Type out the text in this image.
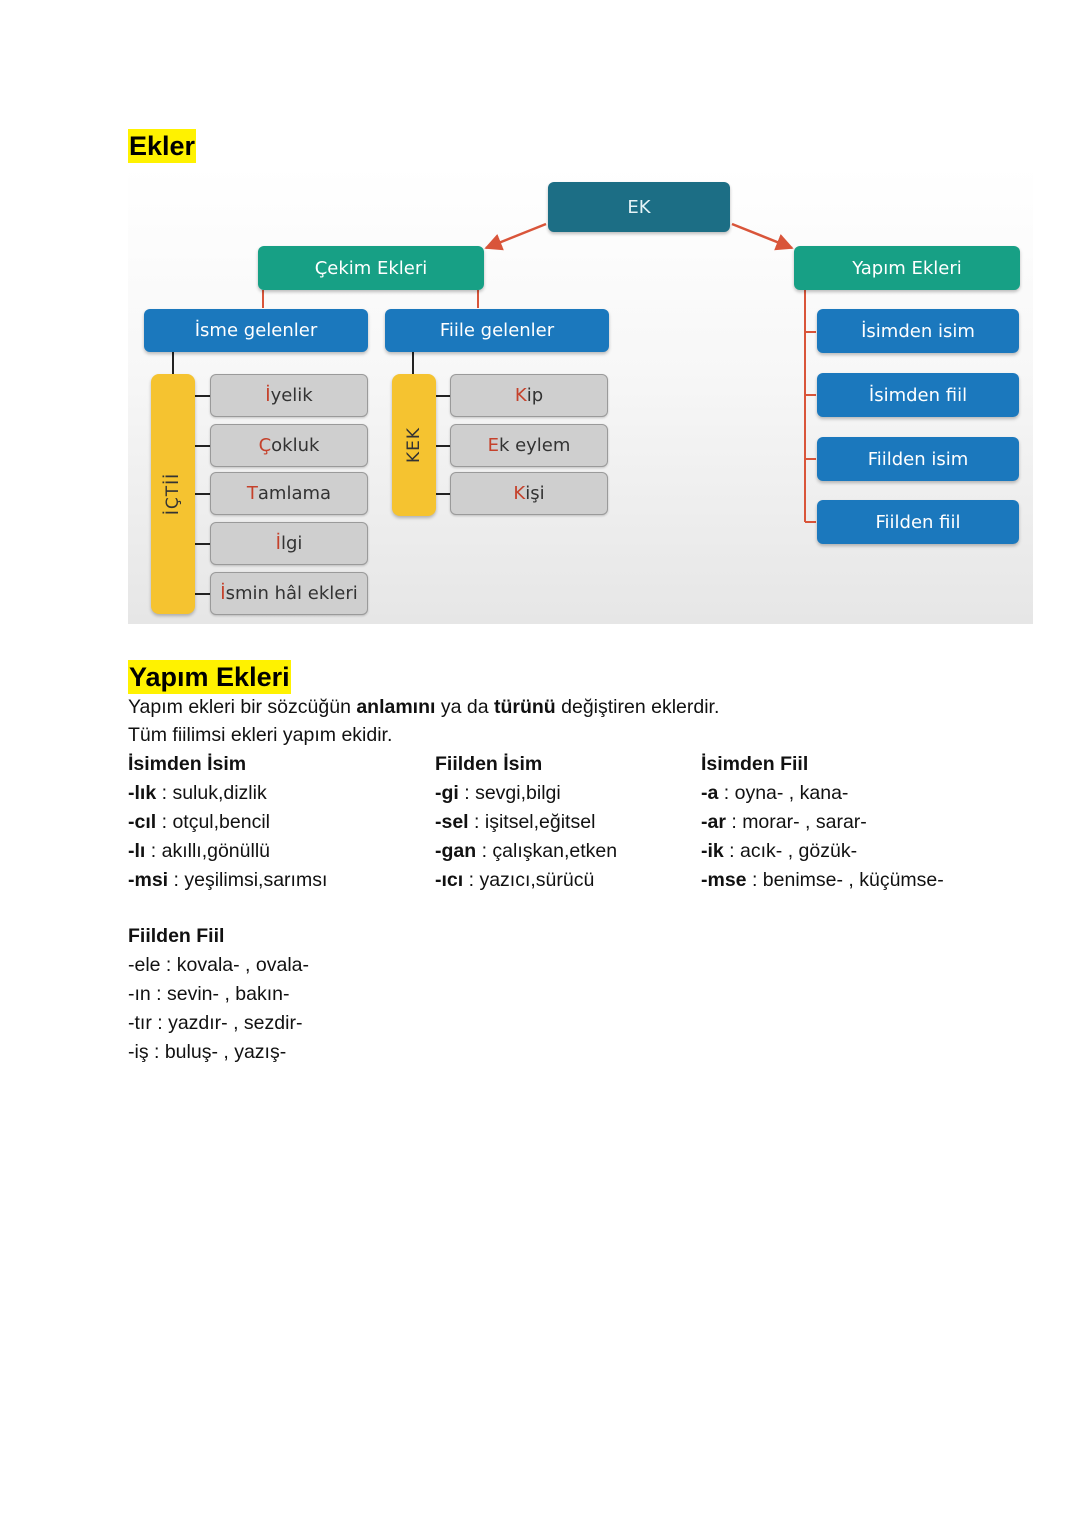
Ekler
EK
Çekim Ekleri	Yapım Ekleri
İsme gelenler	Fiile gelenler
İÇTİİ
KEK
İ yelik
Ç okluk
T amlama
İ lgi
İ smin hâl ekleri
K ip
E k eylem
K işi
İsimden isim
İsimden fiil
Fiilden isim
Fiilden fiil
Yapım Ekleri
Yapım ekleri bir sözcüğün anlamını ya da türünü değiştiren eklerdir.
Tüm fiilimsi ekleri yapım ekidir.
İsimden İsim
-lık : suluk,dizlik
-cıl : otçul,bencil
-lı : akıllı,gönüllü
-msi : yeşilimsi,sarımsı
Fiilden İsim
-gi : sevgi,bilgi
-sel : işitsel,eğitsel
-gan : çalışkan,etken
-ıcı : yazıcı,sürücü
İsimden Fiil
-a : oyna- , kana-
-ar : morar- , sarar-
-ik : acık- , gözük-
-mse : benimse- , küçümse-
Fiilden Fiil
-ele : kovala- , ovala-
-ın : sevin- , bakın-
-tır : yazdır- , sezdir-
-iş : buluş- , yazış-
